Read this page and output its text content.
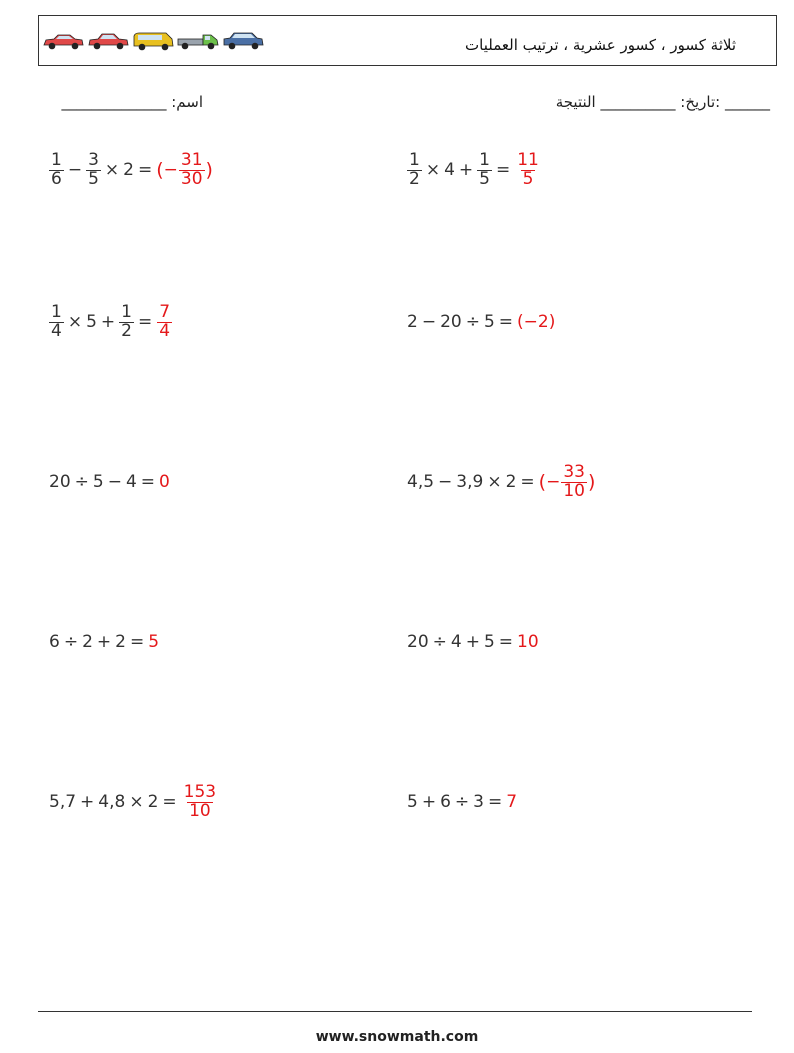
ثلاثة كسور ، كسور عشرية ، ترتيب العمليات
اسم: ______________	______ :تاريخ: __________ النتيجة
$\frac{1}{6} - \frac{3}{5} \times 2$ = ( − $\frac{31}{30}$ )	$\frac{1}{2} \times 4 + \frac{1}{5} = \frac{11}{5}$
$\frac{1}{4} \times 5 + \frac{1}{2} = \frac{7}{4}$	2 − 20 ÷ 5 = (−2)
20 ÷ 5 − 4 = 0	4,5 − 3,9 × 2 = ( − $\frac{33}{10}$ )
6 ÷ 2 + 2 = 5	20 ÷ 4 + 5 = 10
$5,7 + 4,8 \times 2 = \frac{153}{10}$	5 + 6 ÷ 3 = 7
www.snowmath.com
